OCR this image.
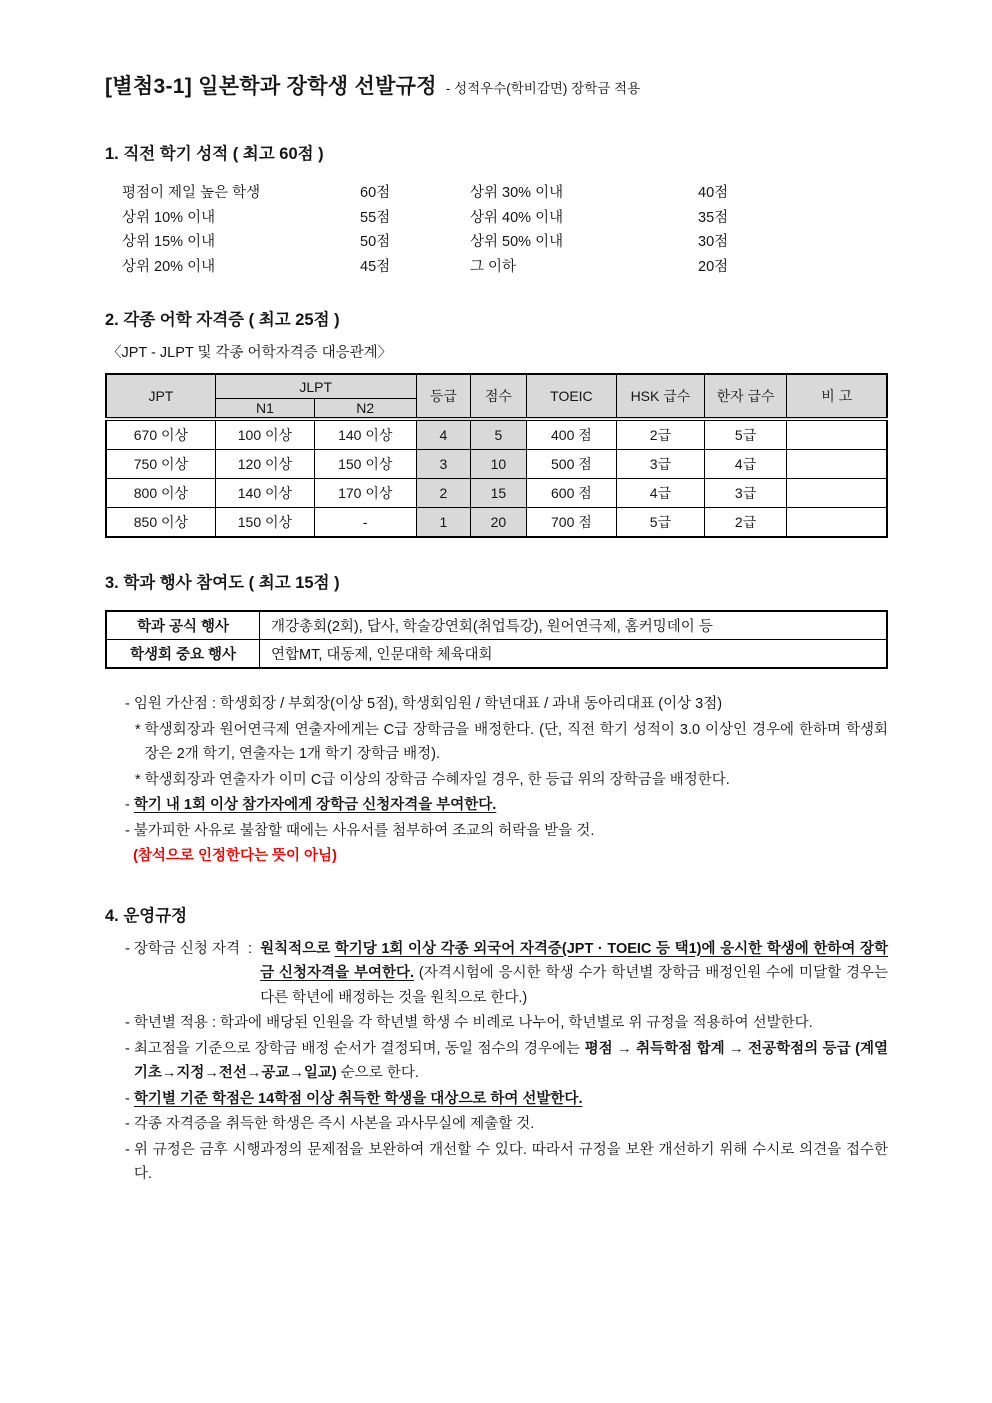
[별첨3-1] 일본학과 장학생 선발규정 - 성적우수(학비감면) 장학금 적용
1. 직전 학기 성적 ( 최고 60점 )
평점이 제일 높은 학생	60점	상위 30% 이내	40점
상위 10% 이내	55점	상위 40% 이내	35점
상위 15% 이내	50점	상위 50% 이내	30점
상위 20% 이내	45점	그 이하	20점
2. 각종 어학 자격증 ( 최고 25점 )
〈JPT - JLPT 및 각종 어학자격증 대응관계〉
JPT	JLPT		등급	점수	TOEIC	HSK 급수	한자 급수	비 고
	N1	N2						
670 이상	100 이상	140 이상	4	5	400 점	2급	5급	
750 이상	120 이상	150 이상	3	10	500 점	3급	4급	
800 이상	140 이상	170 이상	2	15	600 점	4급	3급	
850 이상	150 이상	-	1	20	700 점	5급	2급	
3. 학과 행사 참여도 ( 최고 15점 )
학과 공식 행사	개강총회(2회), 답사, 학술강연회(취업특강), 원어연극제, 홈커밍데이 등
학생회 중요 행사	연합MT, 대동제, 인문대학 체육대회
- 임원 가산점 : 학생회장 / 부회장(이상 5점), 학생회임원 / 학년대표 / 과내 동아리대표 (이상 3점)
* 학생회장과 원어연극제 연출자에게는 C급 장학금을 배정한다. (단, 직전 학기 성적이 3.0 이상인 경우에 한하며 학생회장은 2개 학기, 연출자는 1개 학기 장학금 배정).
* 학생회장과 연출자가 이미 C급 이상의 장학금 수혜자일 경우, 한 등급 위의 장학금을 배정한다.
- 학기 내 1회 이상 참가자에게 장학금 신청자격을 부여한다.
- 불가피한 사유로 불참할 때에는 사유서를 첨부하여 조교의 허락을 받을 것.

(참석으로 인정한다는 뜻이 아님)
4. 운영규정
- 장학금 신청 자격  : 원칙적으로 학기당 1회 이상 각종 외국어 자격증(JPT · TOEIC 등 택1)에 응시한 학생에 한하여 장학금 신청자격을 부여한다. (자격시험에 응시한 학생 수가 학년별 장학금 배정인원 수에 미달할 경우는 다른 학년에 배정하는 것을 원칙으로 한다.)
- 학년별 적용 : 학과에 배당된 인원을 각 학년별 학생 수 비례로 나누어, 학년별로 위 규정을 적용하여 선발한다.
- 최고점을 기준으로 장학금 배정 순서가 결정되며, 동일 점수의 경우에는 평점 → 취득학점 합계 → 전공학점의 등급 (계열기초→지정→전선→공교→일교) 순으로 한다.
- 학기별 기준 학점은 14학점 이상 취득한 학생을 대상으로 하여 선발한다.
- 각종 자격증을 취득한 학생은 즉시 사본을 과사무실에 제출할 것.
- 위 규정은 금후 시행과정의 문제점을 보완하여 개선할 수 있다. 따라서 규정을 보완 개선하기 위해 수시로 의견을 접수한다.
